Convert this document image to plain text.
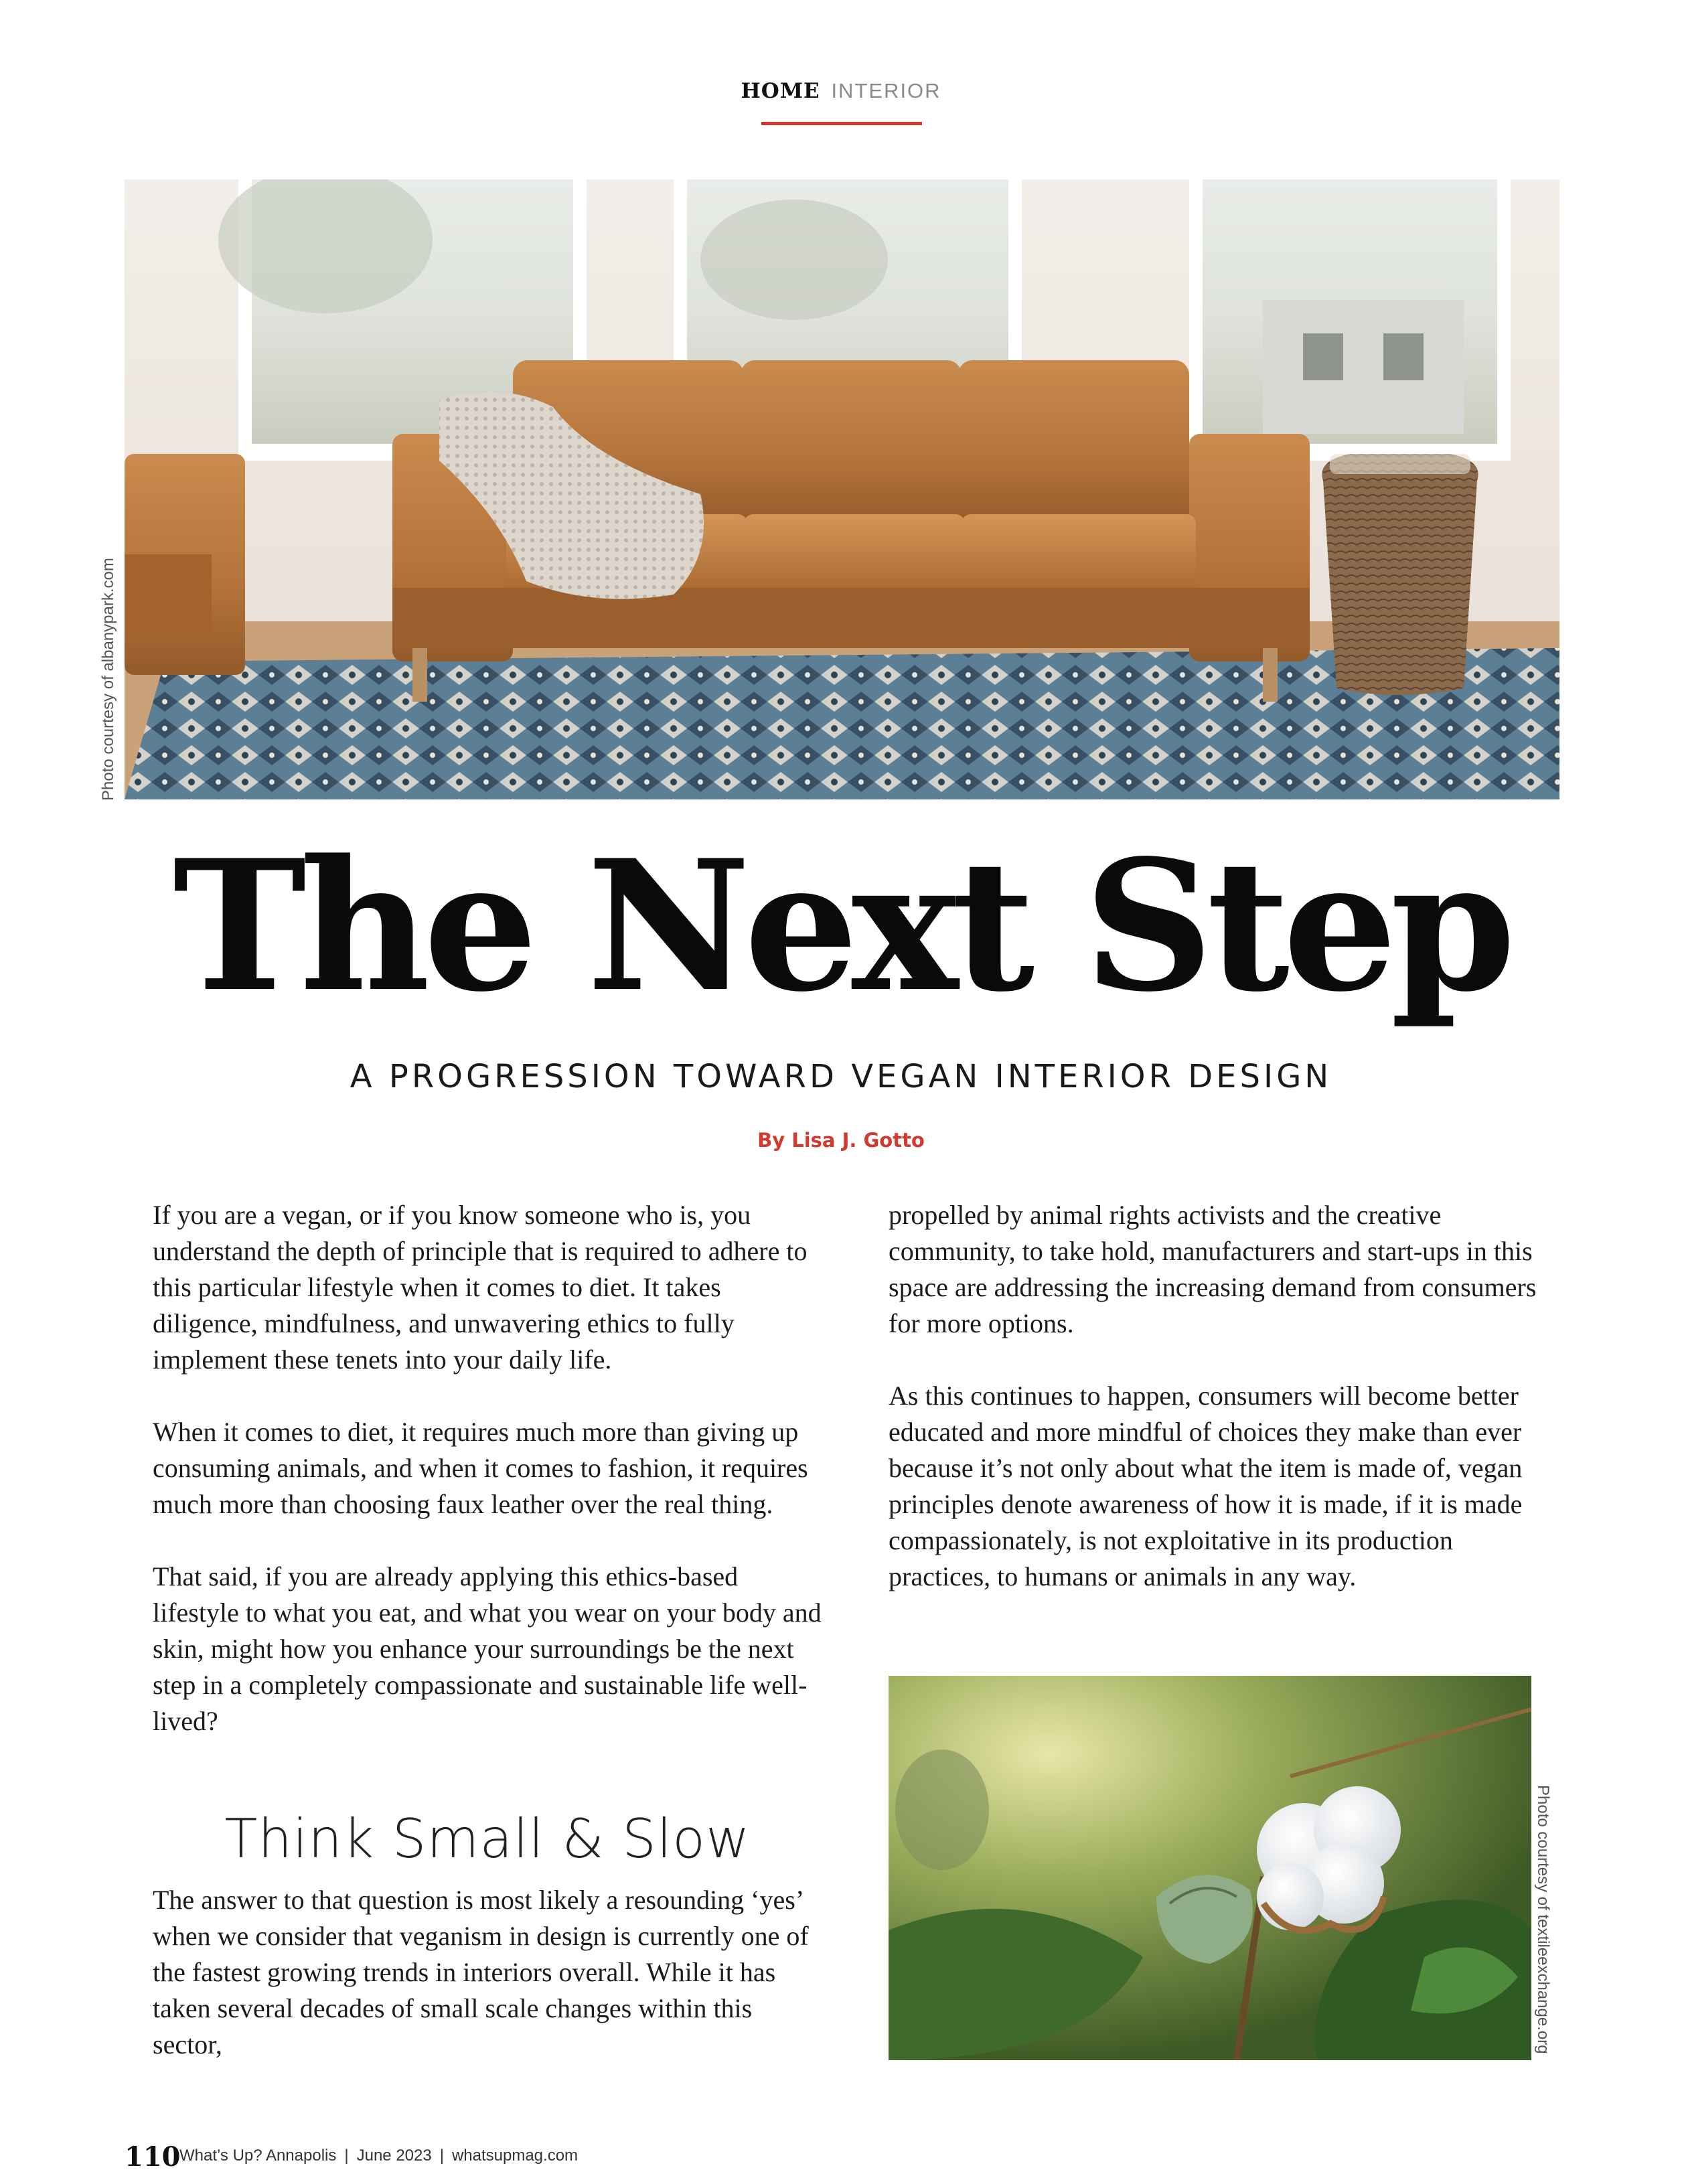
HOME INTERIOR
Photo courtesy of albanypark.com
The Next Step
A PROGRESSION TOWARD VEGAN INTERIOR DESIGN
By Lisa J. Gotto

If you are a vegan, or if you know someone who is, you understand the depth of principle that is required to adhere to this particular lifestyle when it comes to diet. It takes diligence, mindfulness, and unwavering ethics to fully implement these tenets into your daily life.

When it comes to diet, it requires much more than giving up consuming animals, and when it comes to fashion, it requires much more than choosing faux leather over the real thing.

That said, if you are already applying this ethics-based lifestyle to what you eat, and what you wear on your body and skin, might how you enhance your surroundings be the next step in a completely compassionate and sustainable life well-lived?

Think Small & Slow

The answer to that question is most likely a resounding ‘yes’ when we consider that veganism in design is currently one of the fastest growing trends in interiors overall. While it has taken several decades of small scale changes within this sector,

propelled by animal rights activists and the creative community, to take hold, manufacturers and start-ups in this space are addressing the increasing demand from consumers for more options.

As this continues to happen, consumers will become better educated and more mindful of choices they make than ever because it’s not only about what the item is made of, vegan principles denote awareness of how it is made, if it is made compassionately, is not exploitative in its production practices, to humans or animals in any way.

Photo courtesy of textileexchange.org
110
What’s Up? Annapolis | June 2023 | whatsupmag.com
